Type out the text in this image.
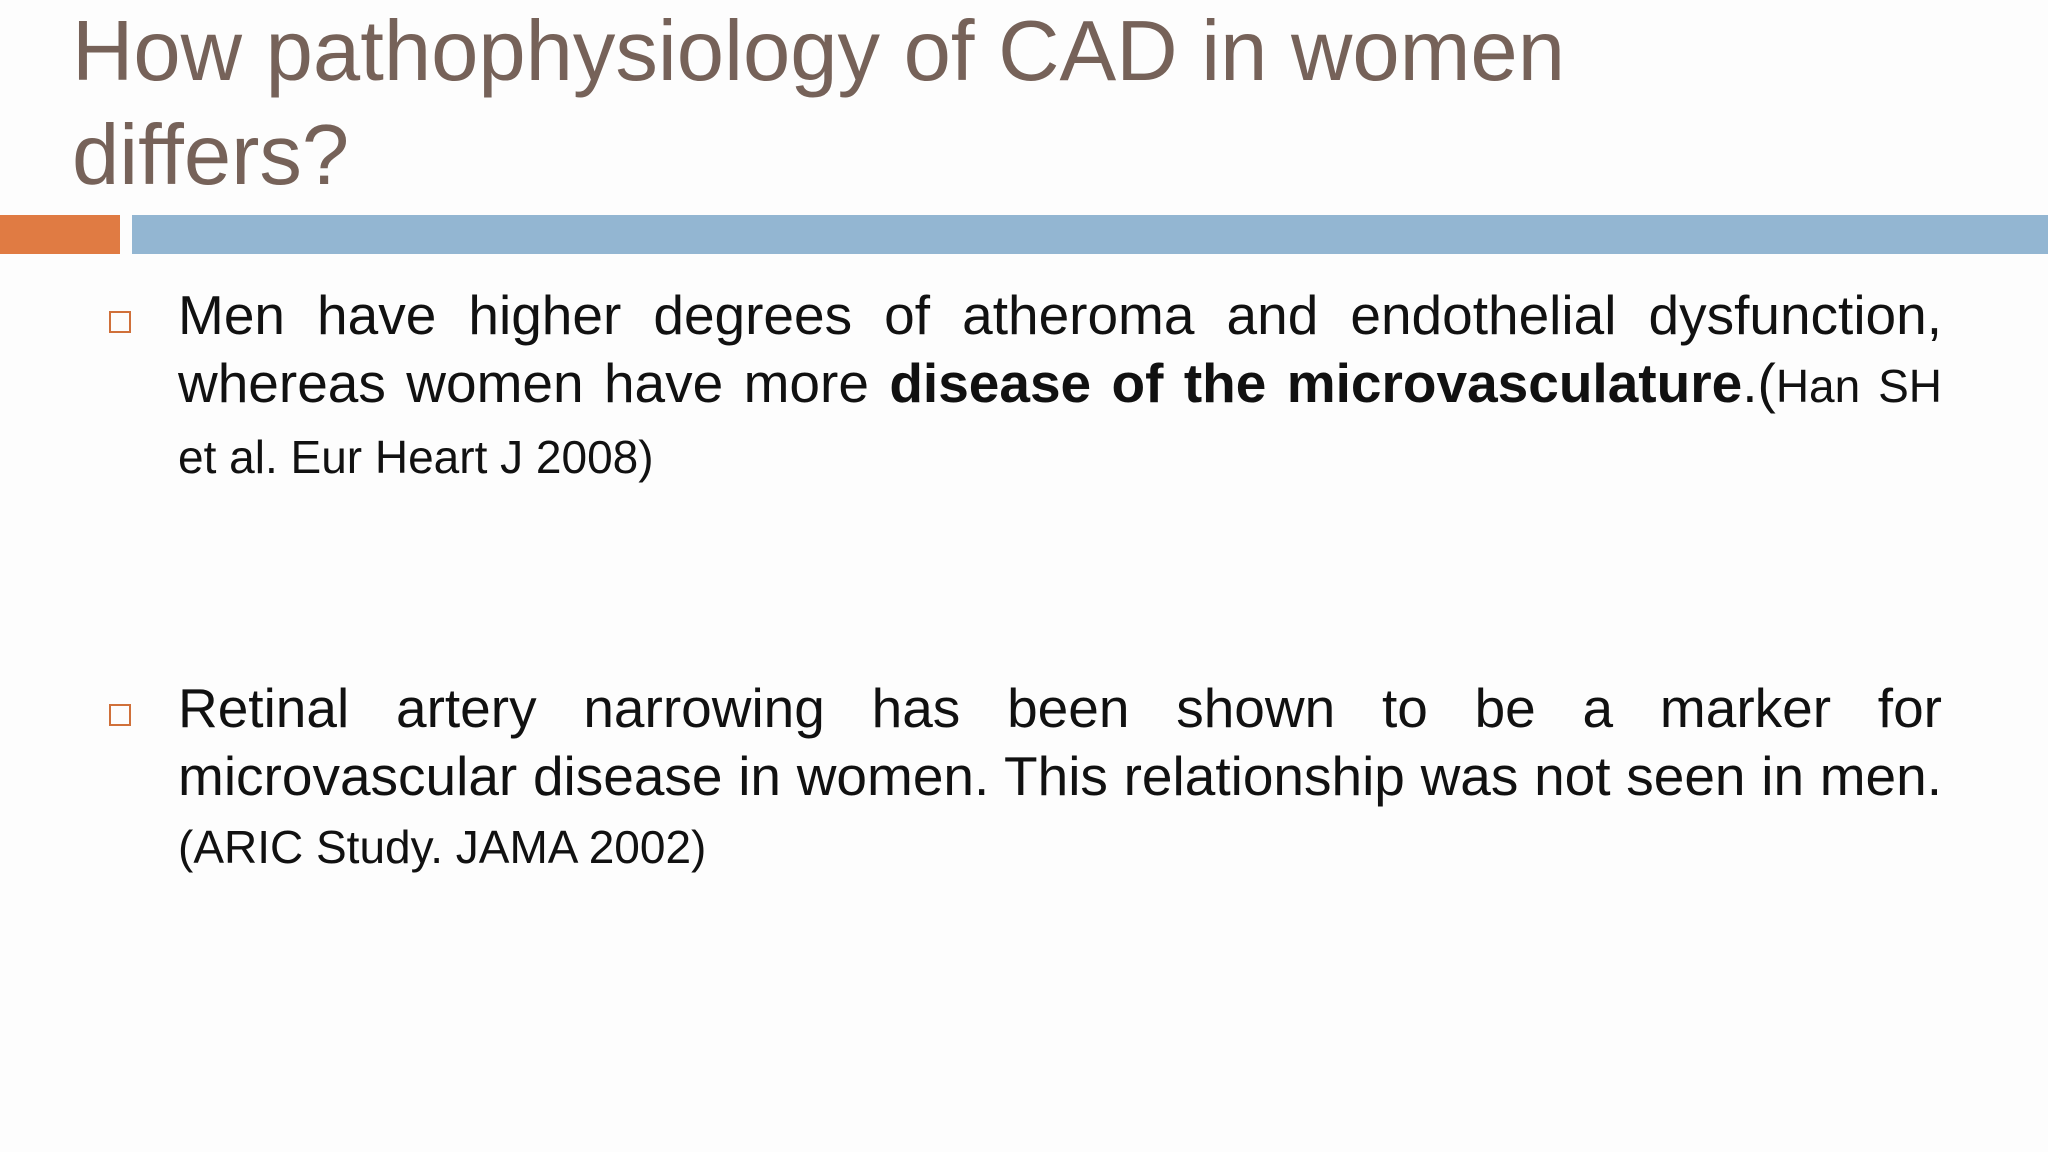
How pathophysiology of CAD in women
differs?

Men have higher degrees of atheroma and endothelial dysfunction, whereas women have more disease of the microvasculature.(Han SH et al. Eur Heart J 2008)

Retinal artery narrowing has been shown to be a marker for microvascular disease in women. This relationship was not seen in men. (ARIC Study. JAMA 2002)
